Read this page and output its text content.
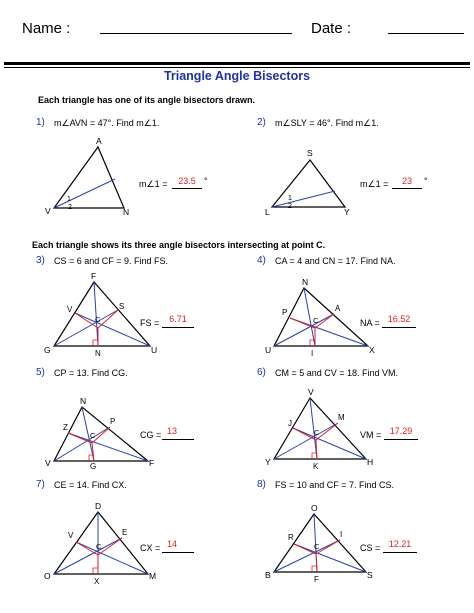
Name :	Date :
Triangle Angle Bisectors
Each triangle has one of its angle bisectors drawn.
1) m∠AVN = 47°. Find m∠1.
A
V	N
1
2
m∠1 =	23.5 °
2) m∠SLY = 46°. Find m∠1.
S
L	Y
1
2
m∠1 =	23	°
Each triangle shows its three angle bisectors intersecting at point C.
3) CS = 6 and CF = 9. Find FS.
F
G	U
V	S
C
N
FS =	6.71
4) CA = 4 and CN = 17. Find NA.
N
U	X
P	A
C
I
NA = 16.52
5) CP = 13. Find CG.
N
V	F
Z
P
C
G
CG = 13
6) CM = 5 and CV = 18. Find VM.
V
Y	H
J
M
C
K
VM = 17.29
7) CE = 14. Find CX.
D
O	M
V	E
C
X
CX = 14
8) FS = 10 and CF = 7. Find CS.
O
B	S
R	I
C
F
CS = 12.21
